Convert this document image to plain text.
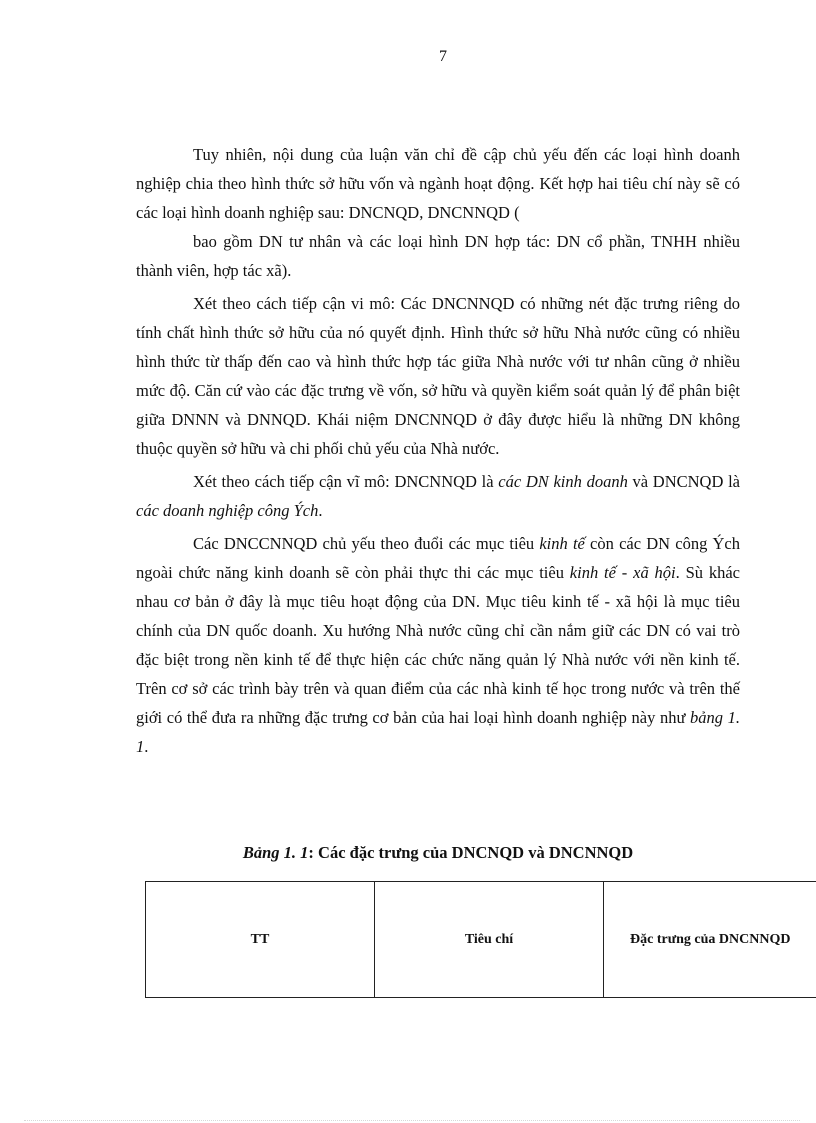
7

Tuy nhiên, nội dung của luận văn chỉ đề cập chủ yếu đến các loại hình doanh nghiệp chia theo hình thức sở hữu vốn và ngành hoạt động. Kết hợp hai tiêu chí này sẽ có các loại hình doanh nghiệp sau: DNCNQD, DNCNNQD (

bao gồm DN tư nhân và các loại hình DN hợp tác: DN cổ phần, TNHH nhiều thành viên, hợp tác xã).

Xét theo cách tiếp cận vi mô: Các DNCNNQD có những nét đặc trưng riêng do tính chất hình thức sở hữu của nó quyết định. Hình thức sở hữu Nhà nước cũng có nhiều hình thức từ thấp đến cao và hình thức hợp tác giữa Nhà nước với tư nhân cũng ở nhiều mức độ. Căn cứ vào các đặc trưng về vốn, sở hữu và quyền kiểm soát quản lý để phân biệt giữa DNNN và DNNQD. Khái niệm DNCNNQD ở đây được hiểu là những DN không thuộc quyền sở hữu và chi phối chủ yếu của Nhà nước.

Xét theo cách tiếp cận vĩ mô: DNCNNQD là các DN kinh doanh và DNCNQD là các doanh nghiệp công Ých.

Các DNCCNNQD chủ yếu theo đuổi các mục tiêu kinh tế còn các DN công Ých ngoài chức năng kinh doanh sẽ còn phải thực thi các mục tiêu kinh tế - xã hội. Sù khác nhau cơ bản ở đây là mục tiêu hoạt động của DN. Mục tiêu kinh tế - xã hội là mục tiêu chính của DN quốc doanh. Xu hướng Nhà nước cũng chỉ cần nắm giữ các DN có vai trò đặc biệt trong nền kinh tế để thực hiện các chức năng quản lý Nhà nước với nền kinh tế. Trên cơ sở các trình bày trên và quan điểm của các nhà kinh tế học trong nước và trên thế giới có thể đưa ra những đặc trưng cơ bản của hai loại hình doanh nghiệp này như bảng 1. 1.

Bảng 1. 1: Các đặc trưng của DNCNQD và DNCNNQD
TT	Tiêu chí	Đặc trưng của DNCNNQD
